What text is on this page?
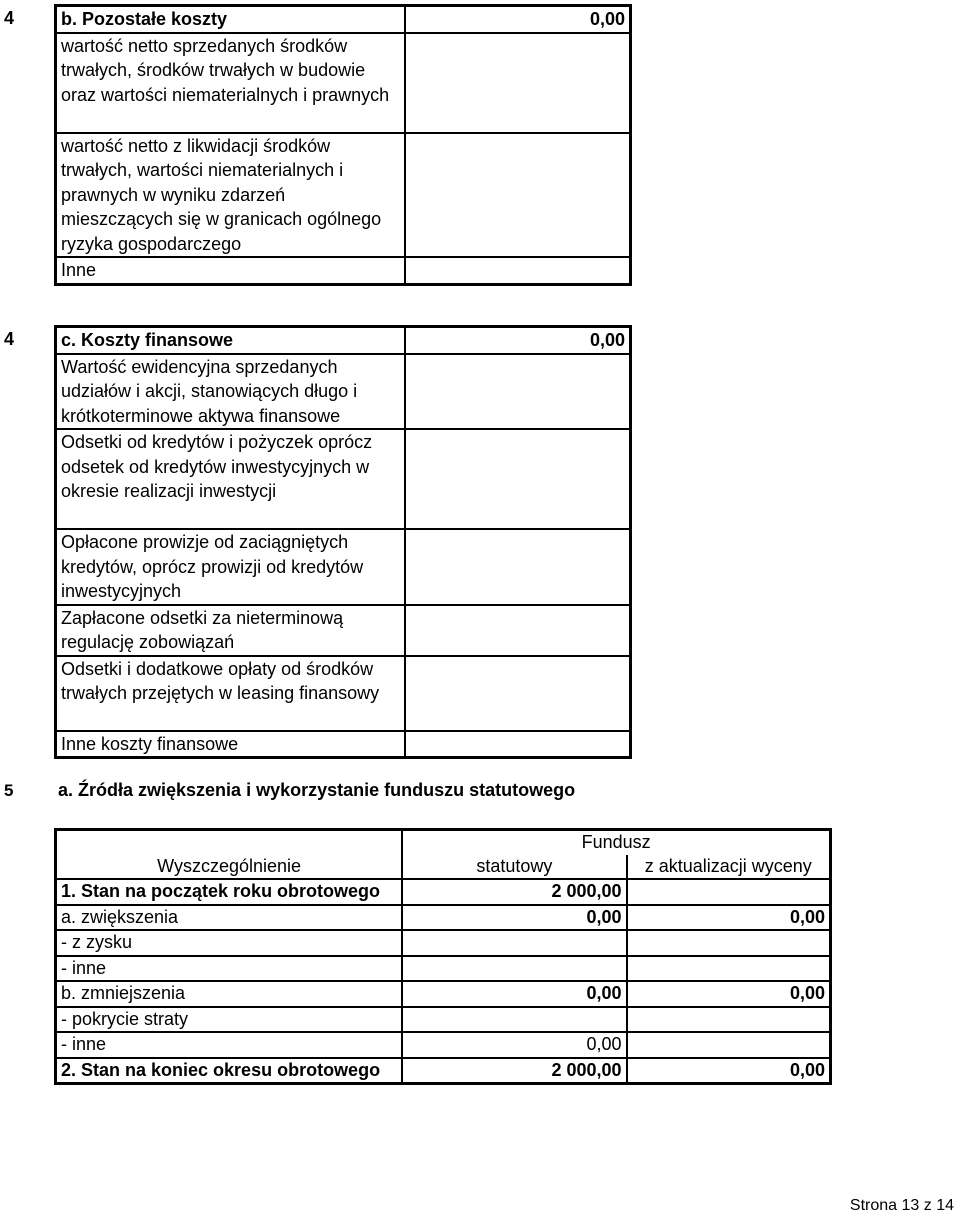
4	b. Pozostałe koszty	0,00
wartość netto sprzedanych środków trwałych, środków trwałych w budowie oraz wartości niematerialnych i prawnych	
wartość netto z likwidacji środków trwałych, wartości niematerialnych i prawnych w wyniku zdarzeń mieszczących się w granicach ogólnego ryzyka gospodarczego	
Inne	
4	c. Koszty finansowe	0,00
Wartość ewidencyjna sprzedanych udziałów i akcji, stanowiących długo i krótkoterminowe aktywa finansowe	
Odsetki od kredytów i pożyczek oprócz odsetek od kredytów inwestycyjnych w okresie realizacji inwestycji	
Opłacone prowizje od zaciągniętych kredytów, oprócz prowizji od kredytów inwestycyjnych	
Zapłacone odsetki za nieterminową regulację zobowiązań	
Odsetki i dodatkowe opłaty od środków trwałych przejętych w leasing finansowy	
Inne koszty finansowe	
5 a. Źródła zwiększenia i wykorzystanie funduszu statutowego
	Fundusz	
Wyszczególnienie	statutowy	z aktualizacji wyceny
1. Stan na początek roku obrotowego	2 000,00	
a. zwiększenia	0,00	0,00
- z zysku		
- inne		
b. zmniejszenia	0,00	0,00
- pokrycie straty		
- inne	0,00	
2. Stan na koniec okresu obrotowego	2 000,00	0,00
Strona 13 z 14
